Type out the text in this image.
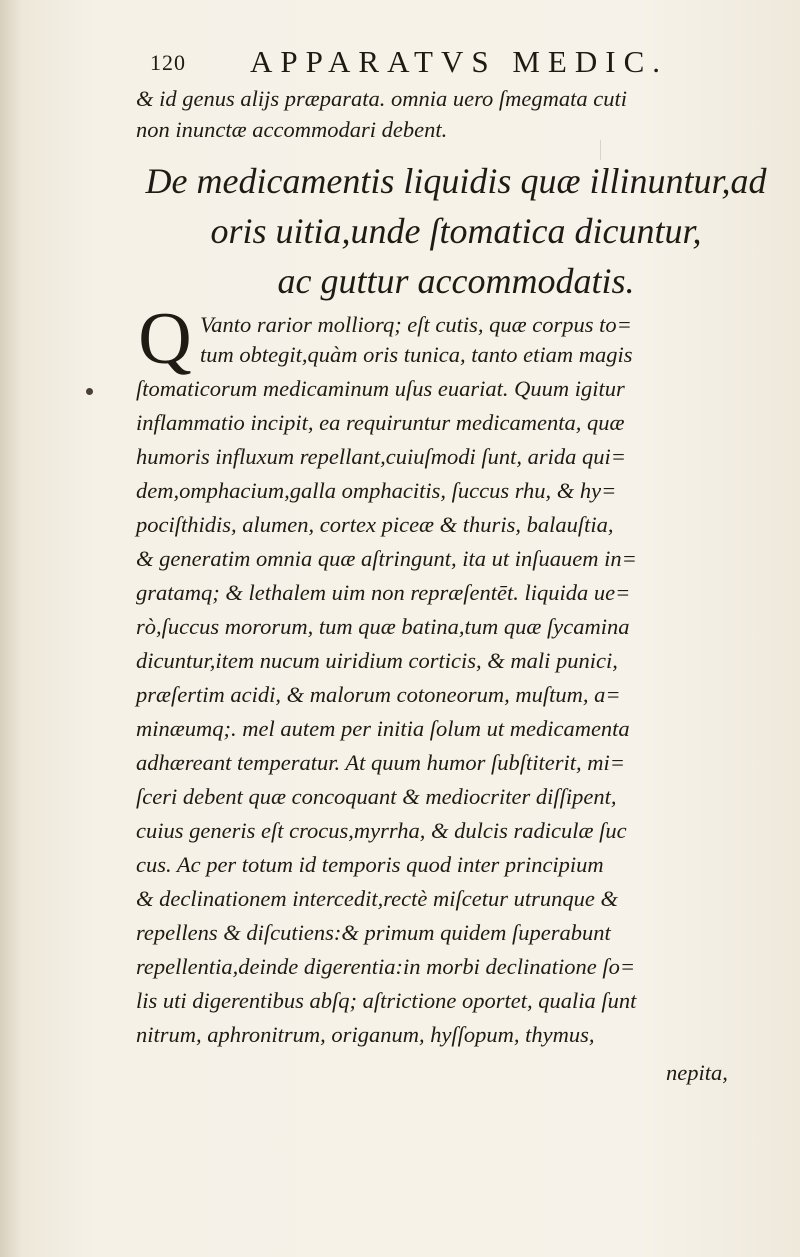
120 APPARATVS MEDIC.
& id genus alijs præparata. omnia uero ſmegmata cuti
non inunctæ accommodari debent.
De medicamentis liquidis quæ illinuntur,ad
oris uitia,unde ſtomatica dicuntur,
ac guttur accommodatis.
Q Vanto rarior molliorq; eſt cutis, quæ corpus to=
tum obtegit,quàm oris tunica, tanto etiam magis
ſtomaticorum medicaminum uſus euariat. Quum igitur
inflammatio incipit, ea requiruntur medicamenta, quæ
humoris influxum repellant,cuiuſmodi ſunt, arida qui=
dem,omphacium,galla omphacitis, ſuccus rhu, & hy=
pociſthidis, alumen, cortex piceæ & thuris, balauſtia,
& generatim omnia quæ aſtringunt, ita ut inſuauem in=
gratamq; & lethalem uim non repræſentēt. liquida ue=
rò,ſuccus mororum, tum quæ batina,tum quæ ſycamina
dicuntur,item nucum uiridium corticis, & mali punici,
præſertim acidi, & malorum cotoneorum, muſtum, a=
minæumq;. mel autem per initia ſolum ut medicamenta
adhæreant temperatur. At quum humor ſubſtiterit, mi=
ſceri debent quæ concoquant & mediocriter diſſipent,
cuius generis eſt crocus,myrrha, & dulcis radiculæ ſuc
cus. Ac per totum id temporis quod inter principium
& declinationem intercedit,rectè miſcetur utrunque &
repellens & diſcutiens:& primum quidem ſuperabunt
repellentia,deinde digerentia:in morbi declinatione ſo=
lis uti digerentibus abſq; aſtrictione oportet, qualia ſunt
nitrum, aphronitrum, origanum, hyſſopum, thymus,
nepita,
